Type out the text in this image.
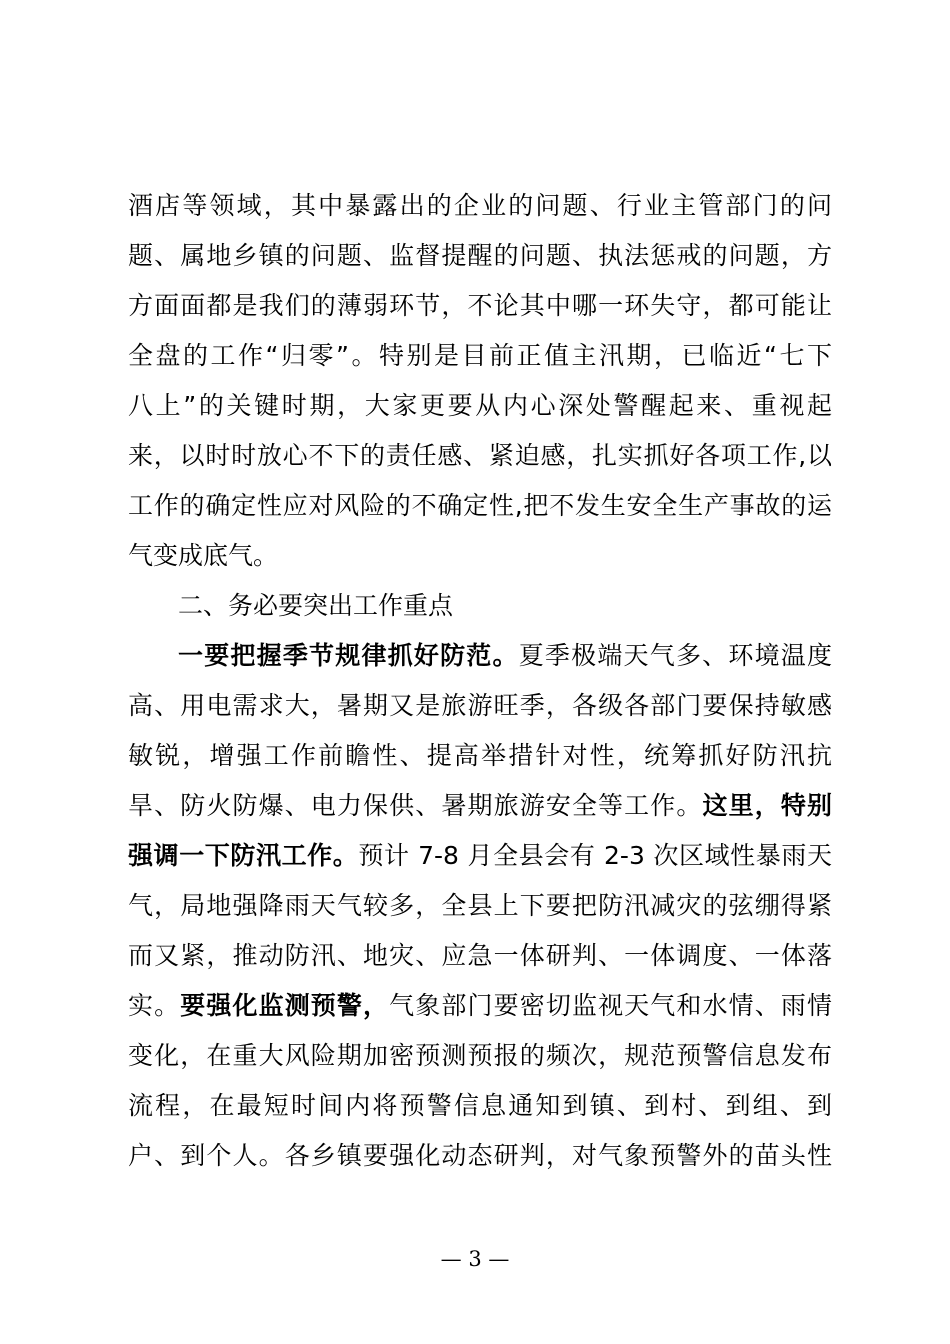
酒店等领域，其中暴露出的企业的问题、行业主管部门的问
题、属地乡镇的问题、监督提醒的问题、执法惩戒的问题，方
方面面都是我们的薄弱环节，不论其中哪一环失守，都可能让
全盘的工作“归零”。特别是目前正值主汛期，已临近“七下
八上”的关键时期，大家更要从内心深处警醒起来、重视起
来，以时时放心不下的责任感、紧迫感，扎实抓好各项工作,以
工作的确定性应对风险的不确定性,把不发生安全生产事故的运
气变成底气。
二、务必要突出工作重点
一要把握季节规律抓好防范。夏季极端天气多、环境温度
高、用电需求大，暑期又是旅游旺季，各级各部门要保持敏感
敏锐，增强工作前瞻性、提高举措针对性，统筹抓好防汛抗
旱、防火防爆、电力保供、暑期旅游安全等工作。这里，特别
强调一下防汛工作。预计 7-8 月全县会有 2-3 次区域性暴雨天
气，局地强降雨天气较多，全县上下要把防汛减灾的弦绷得紧
而又紧，推动防汛、地灾、应急一体研判、一体调度、一体落
实。要强化监测预警，气象部门要密切监视天气和水情、雨情
变化，在重大风险期加密预测预报的频次，规范预警信息发布
流程，在最短时间内将预警信息通知到镇、到村、到组、到
户、到个人。各乡镇要强化动态研判，对气象预警外的苗头性
— 3 —
